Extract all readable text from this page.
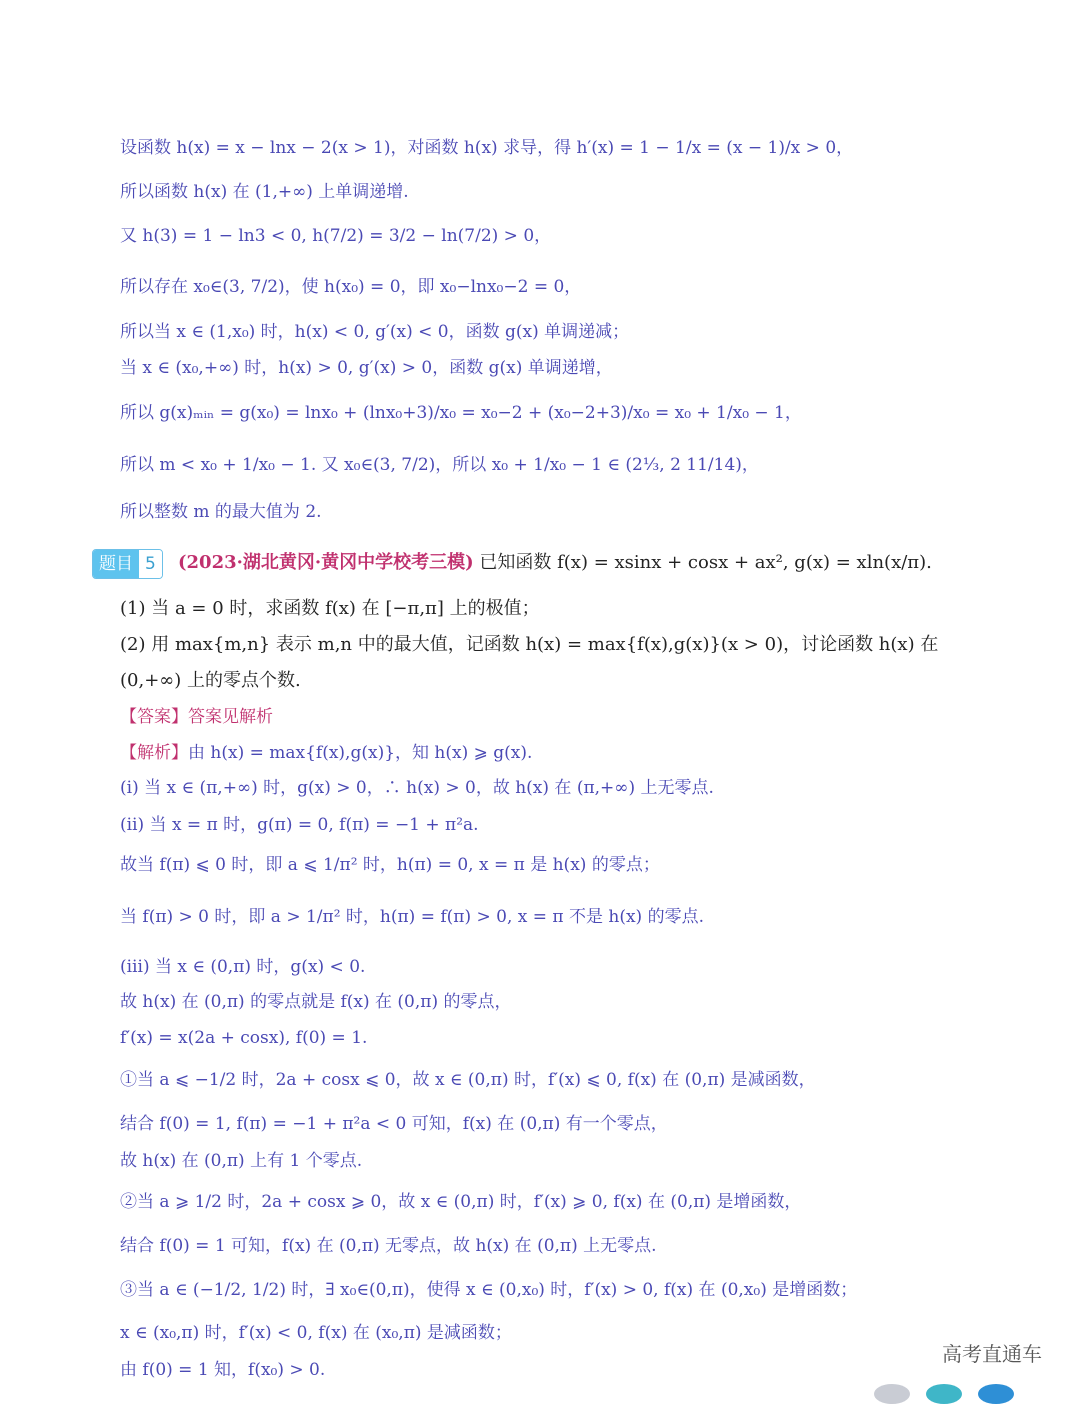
设函数 h(x) = x − lnx − 2(x > 1)，对函数 h(x) 求导，得 h′(x) = 1 − 1/x = (x − 1)/x > 0，
所以函数 h(x) 在 (1,+∞) 上单调递增.
又 h(3) = 1 − ln3 < 0, h(7/2) = 3/2 − ln(7/2) > 0，
所以存在 x₀∈(3, 7/2)，使 h(x₀) = 0，即 x₀−lnx₀−2 = 0，
所以当 x ∈ (1,x₀) 时，h(x) < 0, g′(x) < 0，函数 g(x) 单调递减；
当 x ∈ (x₀,+∞) 时，h(x) > 0, g′(x) > 0，函数 g(x) 单调递增，
所以 g(x)ₘᵢₙ = g(x₀) = lnx₀ + (lnx₀+3)/x₀ = x₀−2 + (x₀−2+3)/x₀ = x₀ + 1/x₀ − 1，
所以 m < x₀ + 1/x₀ − 1. 又 x₀∈(3, 7/2)，所以 x₀ + 1/x₀ − 1 ∈ (2⅓, 2 11/14)，
所以整数 m 的最大值为 2.
题目 5	(2023·湖北黄冈·黄冈中学校考三模) 已知函数 f(x) = xsinx + cosx + ax², g(x) = xln(x/π).
(1) 当 a = 0 时，求函数 f(x) 在 [−π,π] 上的极值；
(2) 用 max{m,n} 表示 m,n 中的最大值，记函数 h(x) = max{f(x),g(x)}(x > 0)，讨论函数 h(x) 在
(0,+∞) 上的零点个数.
【答案】答案见解析
【解析】由 h(x) = max{f(x),g(x)}，知 h(x) ⩾ g(x).
(ⅰ) 当 x ∈ (π,+∞) 时，g(x) > 0，∴ h(x) > 0，故 h(x) 在 (π,+∞) 上无零点.
(ⅱ) 当 x = π 时，g(π) = 0, f(π) = −1 + π²a.
故当 f(π) ⩽ 0 时，即 a ⩽ 1/π² 时，h(π) = 0, x = π 是 h(x) 的零点；
当 f(π) > 0 时，即 a > 1/π² 时，h(π) = f(π) > 0, x = π 不是 h(x) 的零点.
(ⅲ) 当 x ∈ (0,π) 时，g(x) < 0.
故 h(x) 在 (0,π) 的零点就是 f(x) 在 (0,π) 的零点，
f′(x) = x(2a + cosx), f(0) = 1.
①当 a ⩽ −1/2 时，2a + cosx ⩽ 0，故 x ∈ (0,π) 时，f′(x) ⩽ 0, f(x) 在 (0,π) 是减函数，
结合 f(0) = 1, f(π) = −1 + π²a < 0 可知，f(x) 在 (0,π) 有一个零点，
故 h(x) 在 (0,π) 上有 1 个零点.
②当 a ⩾ 1/2 时，2a + cosx ⩾ 0，故 x ∈ (0,π) 时，f′(x) ⩾ 0, f(x) 在 (0,π) 是增函数，
结合 f(0) = 1 可知，f(x) 在 (0,π) 无零点，故 h(x) 在 (0,π) 上无零点.
③当 a ∈ (−1/2, 1/2) 时，∃ x₀∈(0,π)，使得 x ∈ (0,x₀) 时，f′(x) > 0, f(x) 在 (0,x₀) 是增函数；
x ∈ (x₀,π) 时，f′(x) < 0, f(x) 在 (x₀,π) 是减函数；
由 f(0) = 1 知，f(x₀) > 0.
高考直通车
